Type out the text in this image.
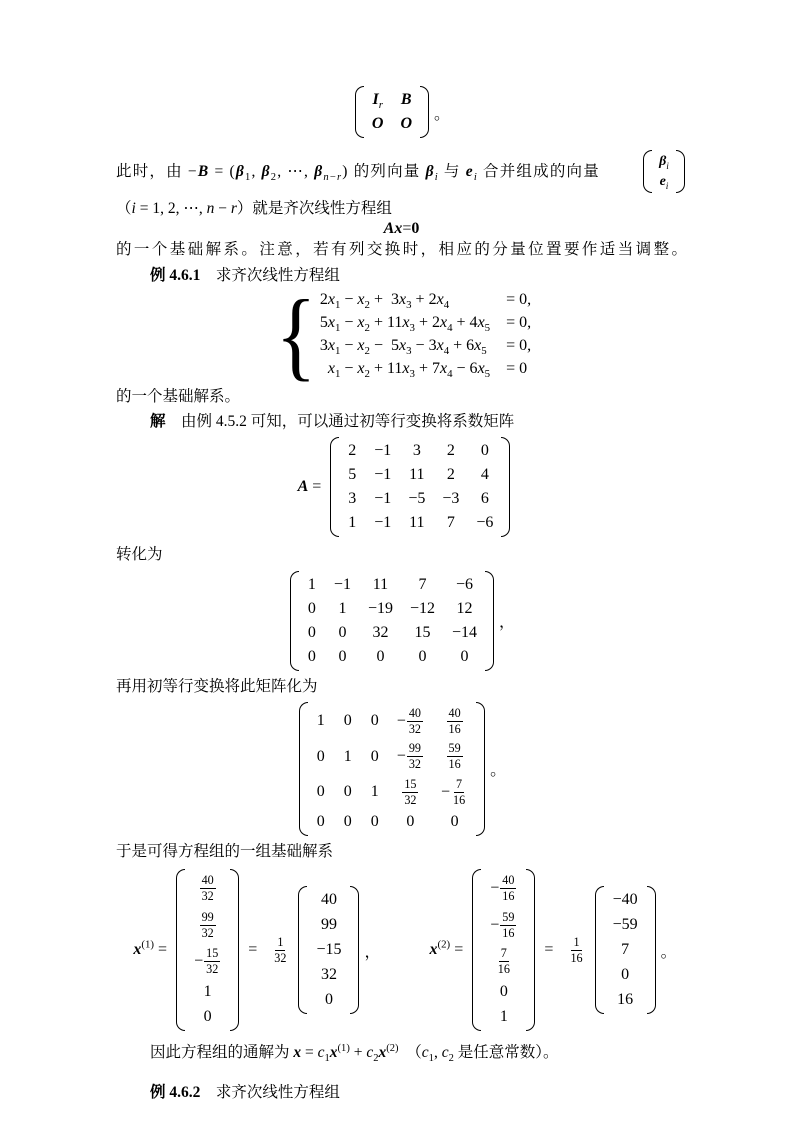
$I_r$ B
O O
。

此时，由 $-B = (\beta_1$, $\beta_2$, ⋯, $\beta_{n-r}$) 的列向量 $\beta_i$ 与 $e_i$ 合并组成的向量
$\beta_i$
$e_i$

（i = 1, 2, ⋯, n − r）就是齐次线性方程组

Ax = 0

的一个基础解系。注意，若有列交换时，相应的分量位置要作适当调整。

例 4.6.1　求齐次线性方程组

{ $2x_1 - x_2 + 3x_3 + 2x_4$	= 0,
$5x_1 - x_2 + 11x_3 + 2x_4 + 4x_5 = 0$,
$3x_1 - x_2 - 5x_3 - 3x_4 + 6x_5 = 0$,
$x_1 - x_2 + 11x_3 + 7x_4 - 6x_5 = 0$

的一个基础解系。

解　由例 4.5.2 可知，可以通过初等行变换将系数矩阵

A =
2 −1 3 2 0
5 −1 11 2 4
3 −1 −5 −3 6
1 −1 11 7 −6

转化为

1 −1 11 7 −6
0 1 −19 −12 12
0 0 32 15 −14
0 0 0 0 0
，

再用初等行变换将此矩阵化为

1 0 $0 - \frac{40}{32} \frac{40}{16}$
0 1 $0 - \frac{99}{32} \frac{59}{16}$
0 0 $1 \frac{15}{32} - \frac{7}{16}$
0 0 0 0 0
。

于是可得方程组的一组基础解系

$x^{(1)}$ =
$\frac{40}{32}$
$\frac{99}{32}$
− $\frac{15}{32}$
1
0
= $\frac{1}{32}$
40
99
−15
32
0
，	$x^{(2)}$ =
− $\frac{40}{16}$
− $\frac{59}{16}$
$\frac{7}{16}$
0
1
= $\frac{1}{16}$
−40
−59
7
0
16
。

因此方程组的通解为 $x = c_1x^{(1)} + c_2x^{(2)}$　（$c_1$, $c_2$ 是任意常数）。

例 4.6.2　求齐次线性方程组
